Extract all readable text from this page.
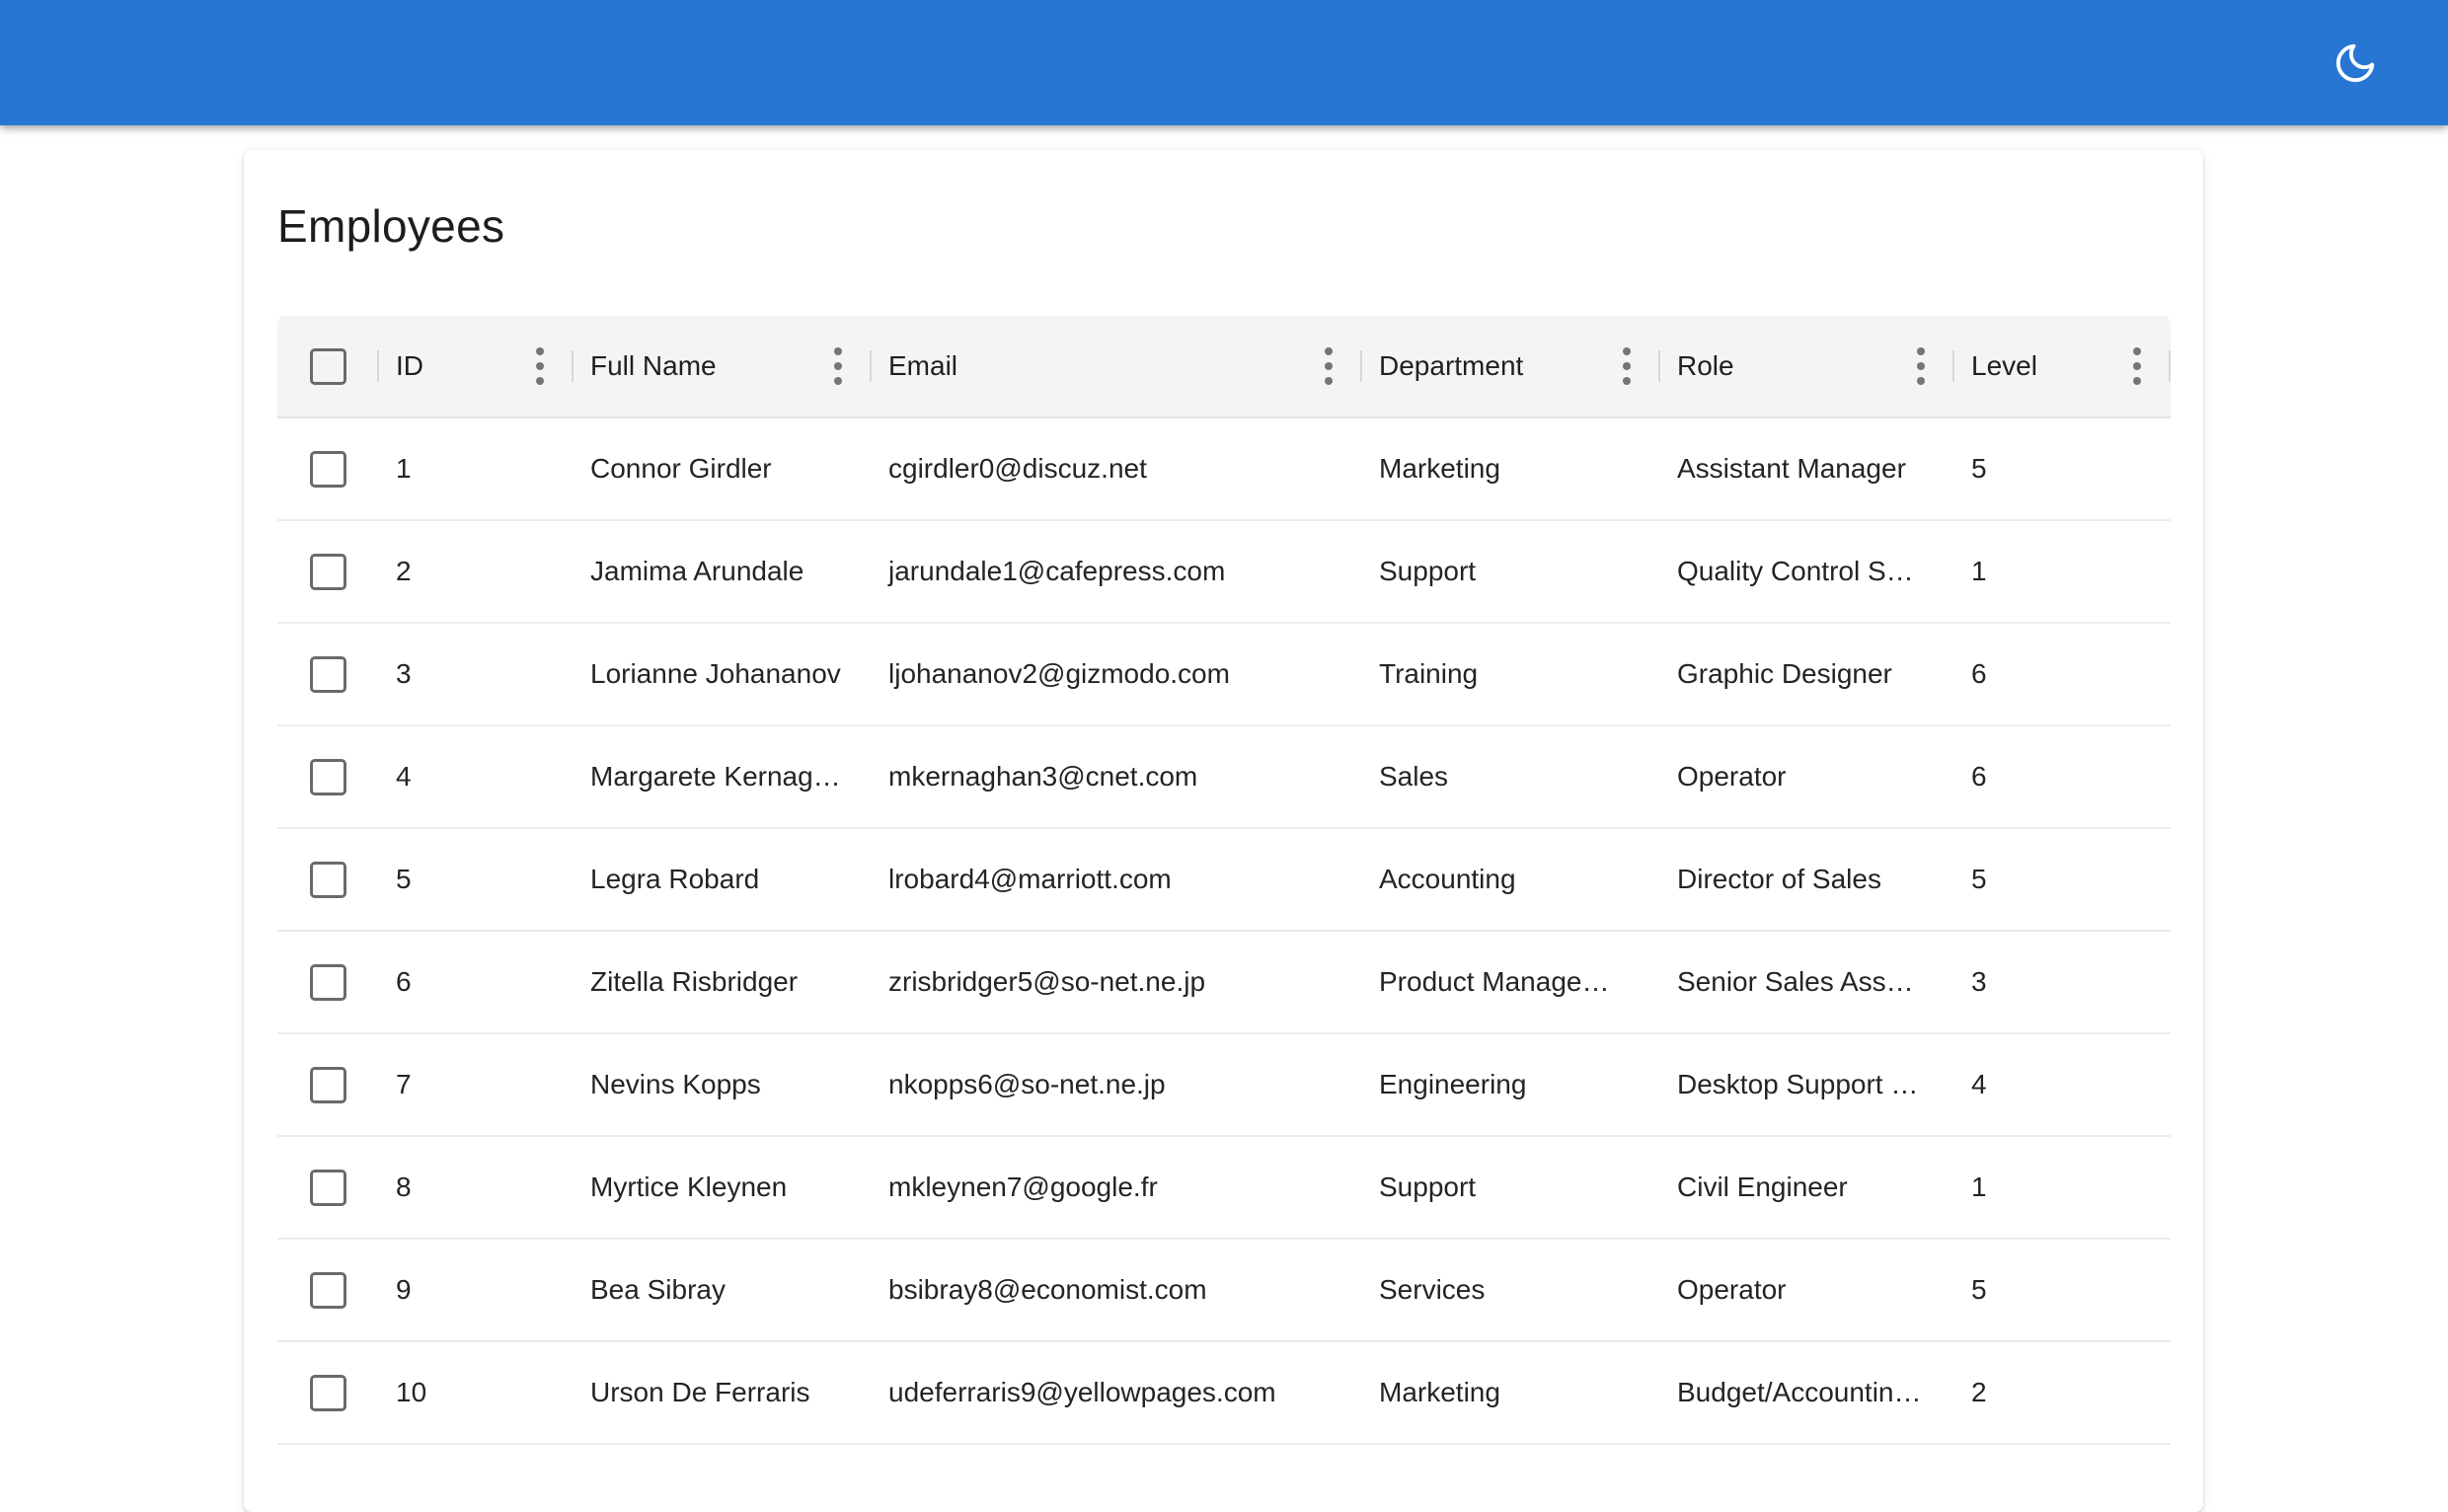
Employees
ID	Full Name	Email	Department	Role	Level
1	Connor Girdler	cgirdler0@discuz.net	Marketing	Assistant Manager	5
2	Jamima Arundale	jarundale1@cafepress.com	Support	Quality Control S…	1
3	Lorianne Johananov	ljohananov2@gizmodo.com	Training	Graphic Designer	6
4	Margarete Kernag…	mkernaghan3@cnet.com	Sales	Operator	6
5	Legra Robard	lrobard4@marriott.com	Accounting	Director of Sales	5
6	Zitella Risbridger	zrisbridger5@so-net.ne.jp	Product Manage…	Senior Sales Ass…	3
7	Nevins Kopps	nkopps6@so-net.ne.jp	Engineering	Desktop Support …	4
8	Myrtice Kleynen	mkleynen7@google.fr	Support	Civil Engineer	1
9	Bea Sibray	bsibray8@economist.com	Services	Operator	5
10	Urson De Ferraris	udeferraris9@yellowpages.com	Marketing	Budget/Accountin…	2
